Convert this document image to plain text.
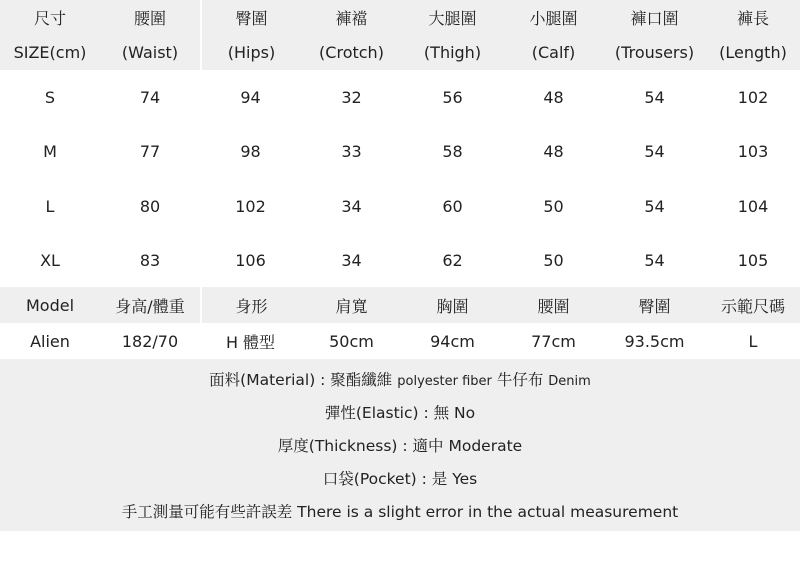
尺寸	腰圍	臀圍	褲襠	大腿圍	小腿圍	褲口圍	褲長
SIZE(cm)	(Waist)	(Hips)	(Crotch)	(Thigh)	(Calf)	(Trousers)	(Length)
S	74	94	32	56	48	54	102
M	77	98	33	58	48	54	103
L	80	102	34	60	50	54	104
XL	83	106	34	62	50	54	105
Model	身高/體重	身形	肩寬	胸圍	腰圍	臀圍	示範尺碼
Alien	182/70	H 體型	50cm	94cm	77cm	93.5cm	L
面料(Material) : 聚酯纖維 polyester fiber 牛仔布 Denim
彈性(Elastic) : 無 No
厚度(Thickness) : 適中 Moderate
口袋(Pocket) : 是 Yes
手工測量可能有些許誤差 There is a slight error in the actual measurement
